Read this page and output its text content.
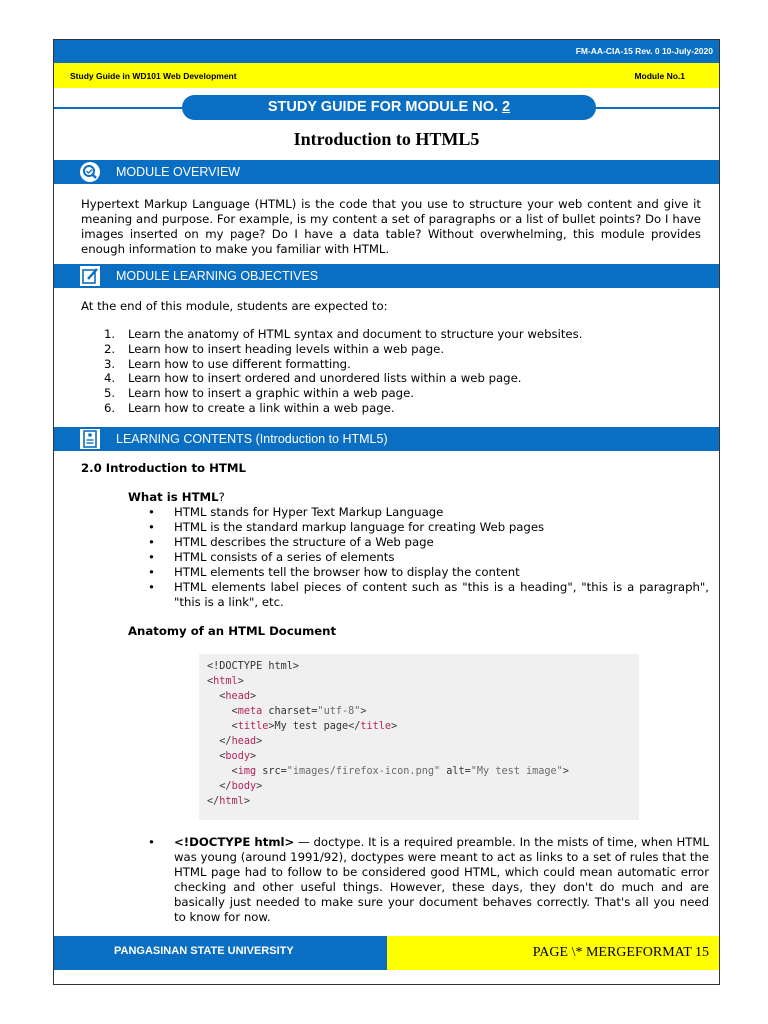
FM-AA-CIA-15 Rev. 0 10-July-2020
Study Guide in WD101 Web Development	Module No.1
STUDY GUIDE FOR MODULE NO. 2
Introduction to HTML5
MODULE OVERVIEW
Hypertext Markup Language (HTML) is the code that you use to structure your web content and give it meaning and purpose. For example, is my content a set of paragraphs or a list of bullet points? Do I have images inserted on my page? Do I have a data table? Without overwhelming, this module provides enough information to make you familiar with HTML.
MODULE LEARNING OBJECTIVES
At the end of this module, students are expected to:
1. Learn the anatomy of HTML syntax and document to structure your websites.
2. Learn how to insert heading levels within a web page.
3. Learn how to use different formatting.
4. Learn how to insert ordered and unordered lists within a web page.
5. Learn how to insert a graphic within a web page.
6. Learn how to create a link within a web page.
LEARNING CONTENTS (Introduction to HTML5)
2.0 Introduction to HTML
What is HTML?
• HTML stands for Hyper Text Markup Language
• HTML is the standard markup language for creating Web pages
• HTML describes the structure of a Web page
• HTML consists of a series of elements
• HTML elements tell the browser how to display the content
• HTML elements label pieces of content such as "this is a heading", "this is a paragraph", "this is a link", etc.
Anatomy of an HTML Document
<!DOCTYPE html>
<html>
<head>
<meta charset="utf-8">
<title>My test page</title>
</head>
<body>
<img src="images/firefox-icon.png" alt="My test image">
</body>
</html>
•	<!DOCTYPE html> — doctype. It is a required preamble. In the mists of time, when HTML was young (around 1991/92), doctypes were meant to act as links to a set of rules that the HTML page had to follow to be considered good HTML, which could mean automatic error checking and other useful things. However, these days, they don't do much and are basically just needed to make sure your document behaves correctly. That's all you need to know for now.
PANGASINAN STATE UNIVERSITY	PAGE \* MERGEFORMAT 15
